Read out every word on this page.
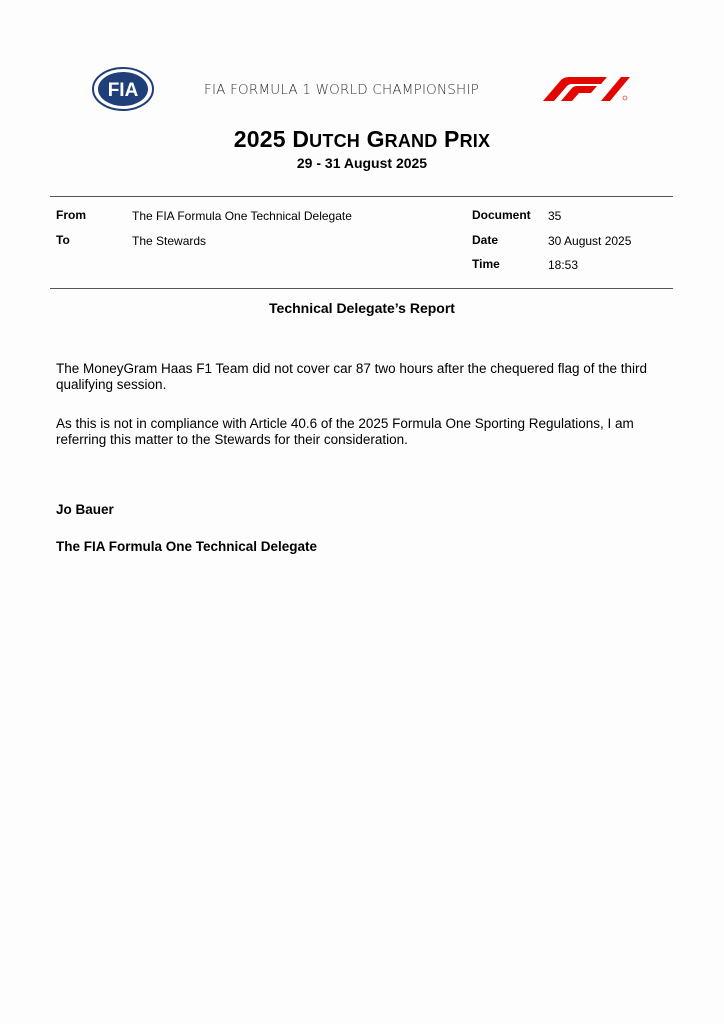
FIA	FIA FORMULA 1 WORLD CHAMPIONSHIP
2025 DUTCH GRAND PRIX
29 - 31 August 2025
From	The FIA Formula One Technical Delegate
To	The Stewards
Document 35
Date	30 August 2025
Time	18:53
Technical Delegate’s Report
The MoneyGram Haas F1 Team did not cover car 87 two hours after the chequered flag of the third qualifying session.
As this is not in compliance with Article 40.6 of the 2025 Formula One Sporting Regulations, I am referring this matter to the Stewards for their consideration.
Jo Bauer
The FIA Formula One Technical Delegate
